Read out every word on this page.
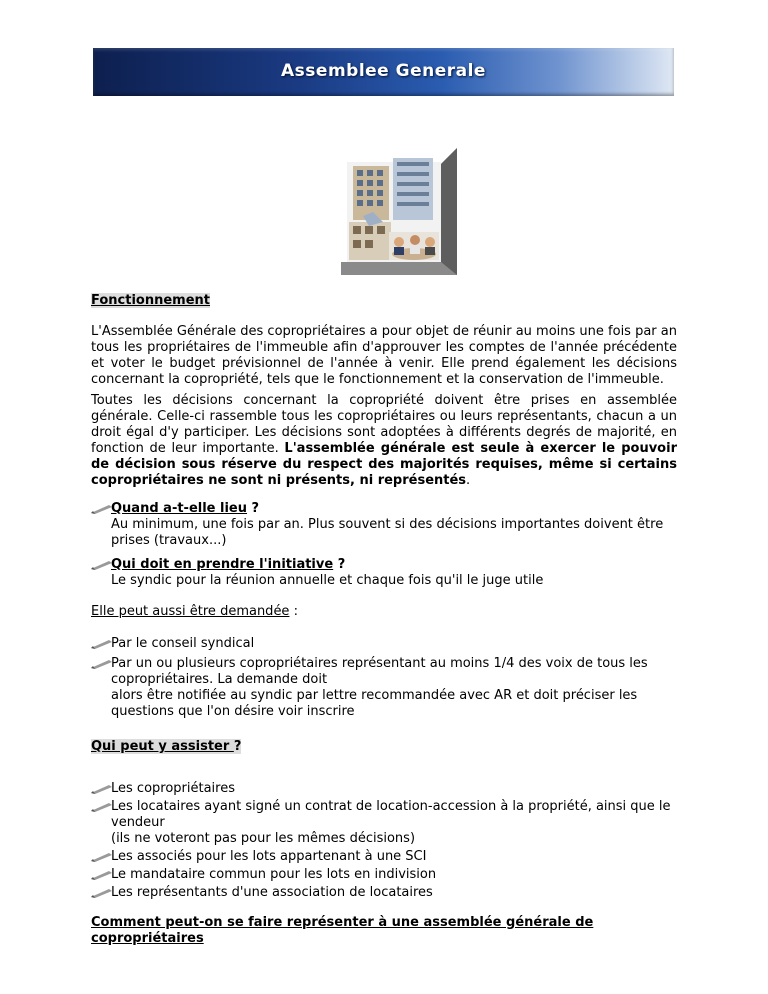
Assemblee Generale
Fonctionnement

L'Assemblée Générale des copropriétaires a pour objet de réunir au moins une fois par an tous les propriétaires de l'immeuble afin d'approuver les comptes de l'année précédente et voter le budget prévisionnel de l'année à venir. Elle prend également les décisions concernant la copropriété, tels que le fonctionnement et la conservation de l'immeuble.

Toutes les décisions concernant la copropriété doivent être prises en assemblée générale. Celle-ci rassemble tous les copropriétaires ou leurs représentants, chacun a un droit égal d'y participer. Les décisions sont adoptées à différents degrés de majorité, en fonction de leur importante. L'assemblée générale est seule à exercer le pouvoir de décision sous réserve du respect des majorités requises, même si certains copropriétaires ne sont ni présents, ni représentés.

Quand a-t-elle lieu ?
Au minimum, une fois par an. Plus souvent si des décisions importantes doivent être prises (travaux...)
Qui doit en prendre l'initiative ?
Le syndic pour la réunion annuelle et chaque fois qu'il le juge utile
Elle peut aussi être demandée :
Par le conseil syndical
Par un ou plusieurs copropriétaires représentant au moins 1/4 des voix de tous les copropriétaires. La demande doit
alors être notifiée au syndic par lettre recommandée avec AR et doit préciser les questions que l'on désire voir inscrire
Qui peut y assister ?
Les copropriétaires
Les locataires ayant signé un contrat de location-accession à la propriété, ainsi que le vendeur
(ils ne voteront pas pour les mêmes décisions)
Les associés pour les lots appartenant à une SCI
Le mandataire commun pour les lots en indivision
Les représentants d'une association de locataires
Comment peut-on se faire représenter à une assemblée générale de copropriétaires
